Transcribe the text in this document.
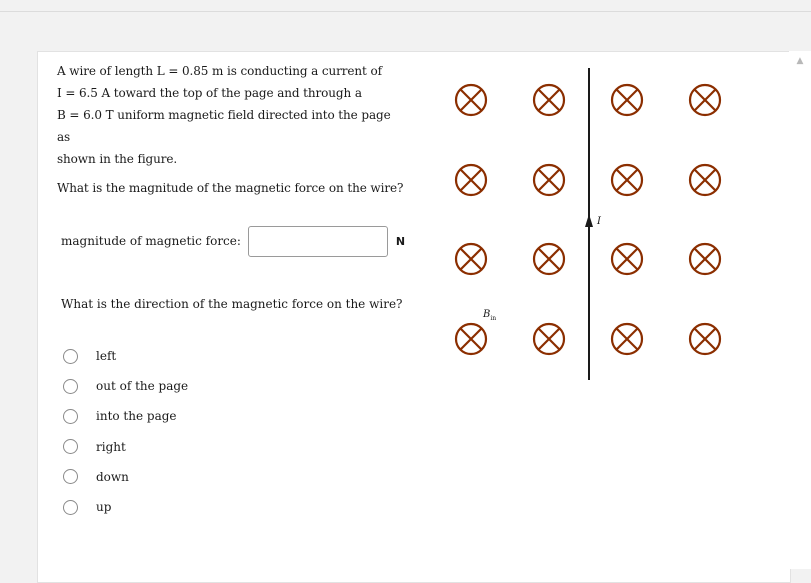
▲

A wire of length L = 0.85 m is conducting a current of

I = 6.5 A toward the top of the page and through a

B = 6.0 T uniform magnetic field directed into the page as

shown in the figure.

What is the magnitude of the magnetic force on the wire?

magnitude of magnetic force:	N
What is the direction of the magnetic force on the wire?
left
out of the page
into the page
right
down
up
I
$B_{in}$
